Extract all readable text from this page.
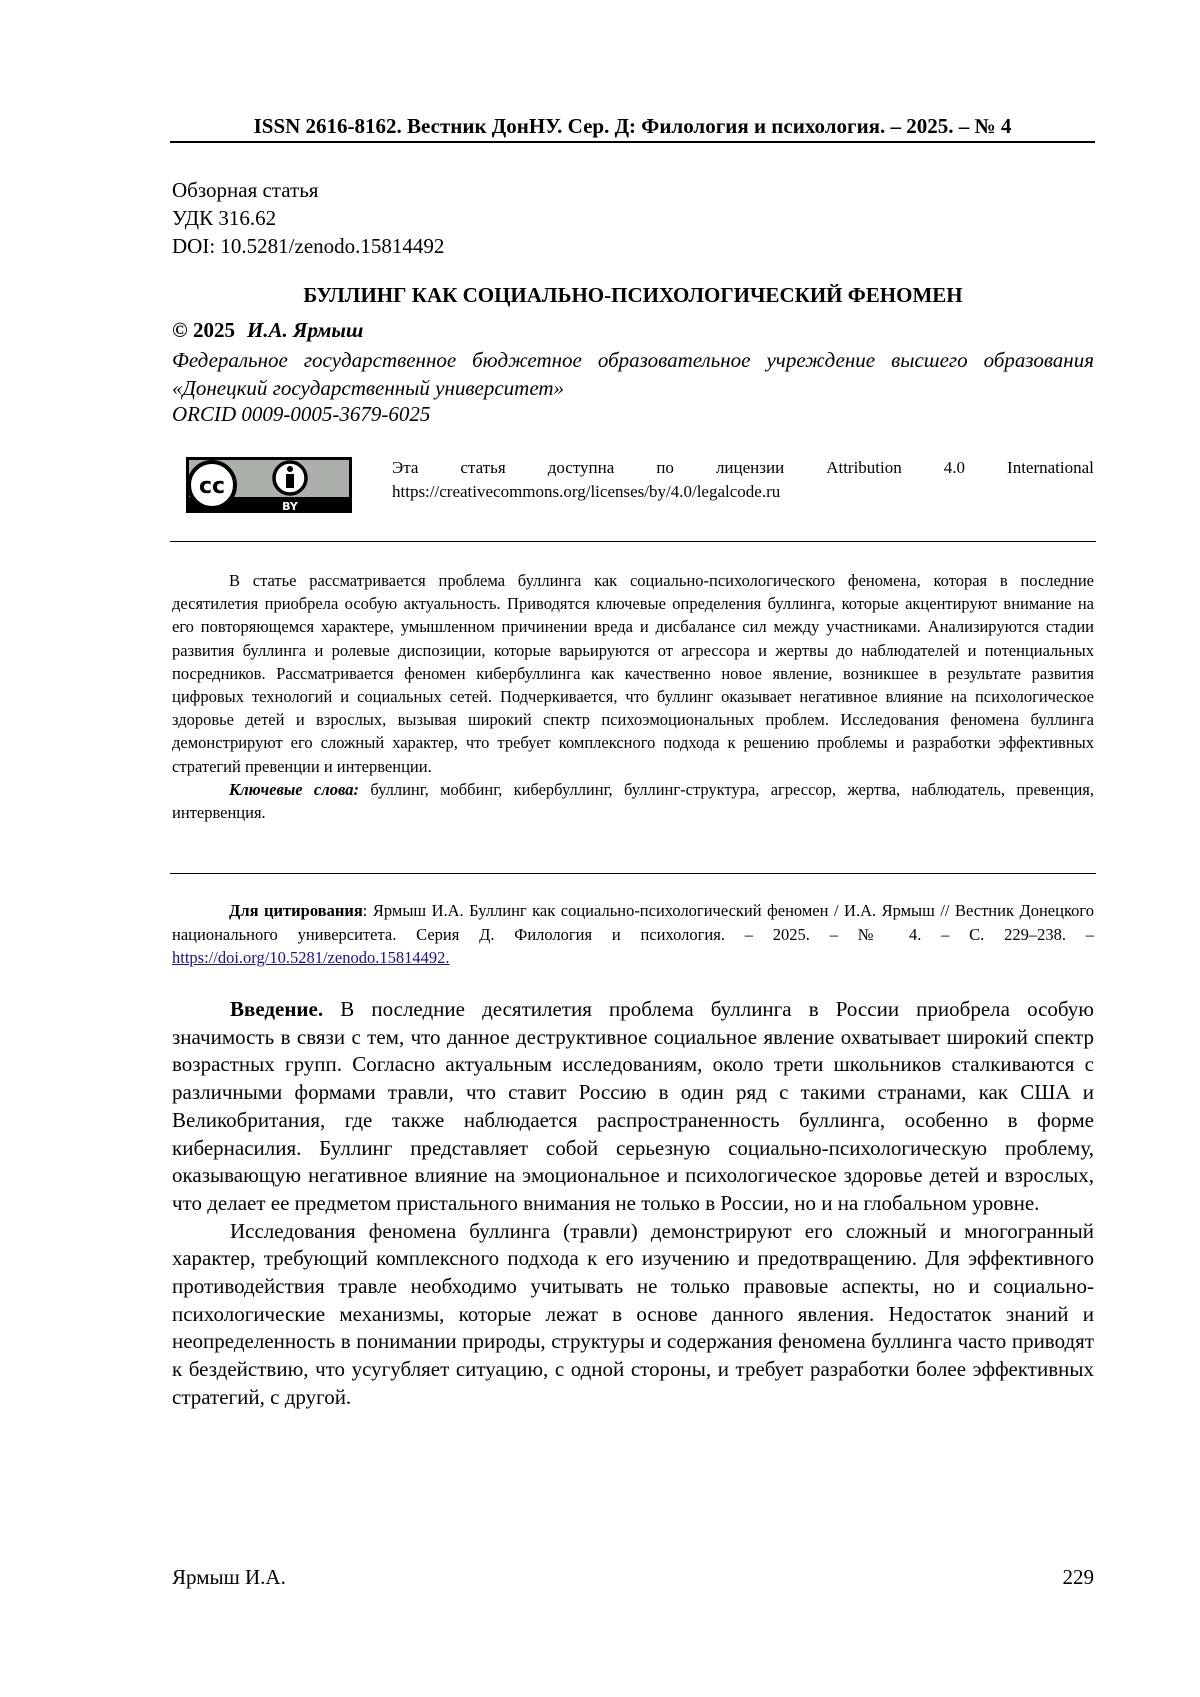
ISSN 2616-8162. Вестник ДонНУ. Сер. Д: Филология и психология. – 2025. – № 4
Обзорная статья
УДК 316.62
DOI: 10.5281/zenodo.15814492
БУЛЛИНГ КАК СОЦИАЛЬНО-ПСИХОЛОГИЧЕСКИЙ ФЕНОМЕН
© 2025 И.А. Ярмыш
Федеральное государственное бюджетное образовательное учреждение высшего образования «Донецкий государственный университет»
ORCID 0009-0005-3679-6025
cc
BY
Эта статья доступна по лицензии Attribution 4.0 International
https://creativecommons.org/licenses/by/4.0/legalcode.ru

В статье рассматривается проблема буллинга как социально-психологического феномена, которая в последние десятилетия приобрела особую актуальность. Приводятся ключевые определения буллинга, которые акцентируют внимание на его повторяющемся характере, умышленном причинении вреда и дисбалансе сил между участниками. Анализируются стадии развития буллинга и ролевые диспозиции, которые варьируются от агрессора и жертвы до наблюдателей и потенциальных посредников. Рассматривается феномен кибербуллинга как качественно новое явление, возникшее в результате развития цифровых технологий и социальных сетей. Подчеркивается, что буллинг оказывает негативное влияние на психологическое здоровье детей и взрослых, вызывая широкий спектр психоэмоциональных проблем. Исследования феномена буллинга демонстрируют его сложный характер, что требует комплексного подхода к решению проблемы и разработки эффективных стратегий превенции и интервенции.

Ключевые слова: буллинг, моббинг, кибербуллинг, буллинг-структура, агрессор, жертва, наблюдатель, превенция, интервенция.

Для цитирования: Ярмыш И.А. Буллинг как социально-психологический феномен / И.А. Ярмыш // Вестник Донецкого национального университета. Серия Д. Филология и психология. – 2025. – № 4. – С. 229–238. – https://doi.org/10.5281/zenodo.15814492.

Введение. В последние десятилетия проблема буллинга в России приобрела особую значимость в связи с тем, что данное деструктивное социальное явление охватывает широкий спектр возрастных групп. Согласно актуальным исследованиям, около трети школьников сталкиваются с различными формами травли, что ставит Россию в один ряд с такими странами, как США и Великобритания, где также наблюдается распространенность буллинга, особенно в форме кибернасилия. Буллинг представляет собой серьезную социально-психологическую проблему, оказывающую негативное влияние на эмоциональное и психологическое здоровье детей и взрослых, что делает ее предметом пристального внимания не только в России, но и на глобальном уровне.

Исследования феномена буллинга (травли) демонстрируют его сложный и многогранный характер, требующий комплексного подхода к его изучению и предотвращению. Для эффективного противодействия травле необходимо учитывать не только правовые аспекты, но и социально-психологические механизмы, которые лежат в основе данного явления. Недостаток знаний и неопределенность в понимании природы, структуры и содержания феномена буллинга часто приводят к бездействию, что усугубляет ситуацию, с одной стороны, и требует разработки более эффективных стратегий, с другой.

Ярмыш И.А.	229
